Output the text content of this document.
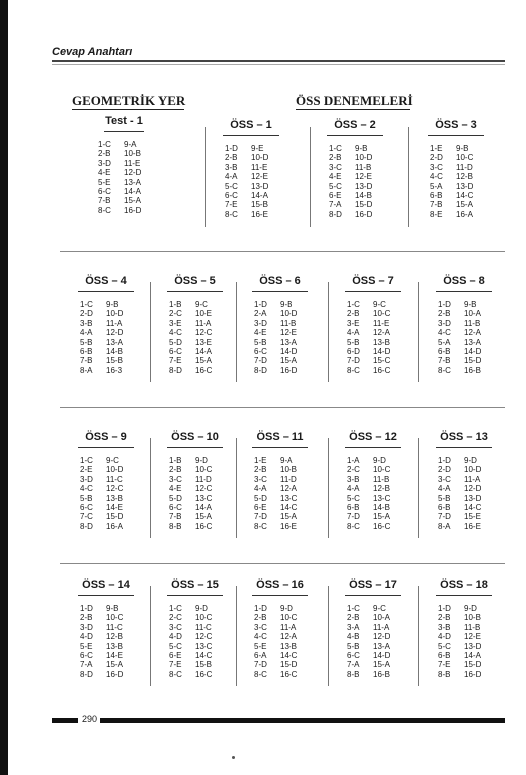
Cevap Anahtarı
GEOMETRİK YER	ÖSS DENEMELERİ
Test - 1
1-C	9-A
2-B	10-B
3-D	11-E
4-E	12-D
5-E	13-A
6-C	14-A
7-B	15-A
8-C	16-D
ÖSS – 1
1-D	9-E
2-B	10-D
3-B	11-E
4-A	12-E
5-C	13-D
6-C	14-A
7-E	15-B
8-C	16-E
ÖSS – 2
1-C	9-B
2-B	10-D
3-C	11-B
4-E	12-E
5-C	13-D
6-E	14-B
7-A	15-D
8-D	16-D
ÖSS – 3
1-E	9-B
2-D	10-C
3-C	11-D
4-C	12-B
5-A	13-D
6-B	14-C
7-B	15-A
8-E	16-A
ÖSS – 4
1-C	9-B
2-D	10-D
3-B	11-A
4-A	12-D
5-B	13-A
6-B	14-B
7-B	15-B
8-A	16-3
ÖSS – 5
1-B	9-C
2-C	10-E
3-E	11-A
4-C	12-C
5-D	13-E
6-C	14-A
7-E	15-A
8-D	16-C
ÖSS – 6
1-D	9-B
2-A	10-D
3-D	11-B
4-E	12-E
5-B	13-A
6-C	14-D
7-D	15-A
8-D	16-D
ÖSS – 7
1-C	9-C
2-B	10-C
3-E	11-E
4-A	12-A
5-B	13-B
6-D	14-D
7-D	15-C
8-C	16-C
ÖSS – 8
1-D	9-B
2-B	10-A
3-D	11-B
4-C	12-A
5-A	13-A
6-B	14-D
7-B	15-D
8-C	16-B
ÖSS – 9
1-C	9-C
2-E	10-D
3-D	11-C
4-C	12-C
5-B	13-B
6-C	14-E
7-C	15-D
8-D	16-A
ÖSS – 10
1-B	9-D
2-B	10-C
3-C	11-D
4-E	12-C
5-D	13-C
6-C	14-A
7-B	15-A
8-B	16-C
ÖSS – 11
1-E	9-A
2-B	10-B
3-C	11-D
4-A	12-A
5-D	13-C
6-E	14-C
7-D	15-A
8-C	16-E
ÖSS – 12
1-A	9-D
2-C	10-C
3-B	11-B
4-A	12-B
5-C	13-C
6-B	14-B
7-D	15-A
8-C	16-C
ÖSS – 13
1-D	9-D
2-D	10-D
3-C	11-A
4-A	12-D
5-B	13-D
6-B	14-C
7-D	15-E
8-A	16-E
ÖSS – 14
1-D	9-B
2-B	10-C
3-D	11-C
4-D	12-B
5-E	13-B
6-C	14-E
7-A	15-A
8-D	16-D
ÖSS – 15
1-C	9-D
2-C	10-C
3-C	11-C
4-D	12-C
5-C	13-C
6-E	14-C
7-E	15-B
8-C	16-C
ÖSS – 16
1-D	9-D
2-B	10-C
3-C	11-A
4-C	12-A
5-E	13-B
6-A	14-C
7-D	15-D
8-C	16-C
ÖSS – 17
1-C	9-C
2-B	10-A
3-A	11-A
4-B	12-D
5-B	13-A
6-C	14-D
7-A	15-A
8-B	16-B
ÖSS – 18
1-D	9-D
2-B	10-B
3-B	11-B
4-D	12-E
5-C	13-D
6-B	14-A
7-E	15-D
8-B	16-D
290
